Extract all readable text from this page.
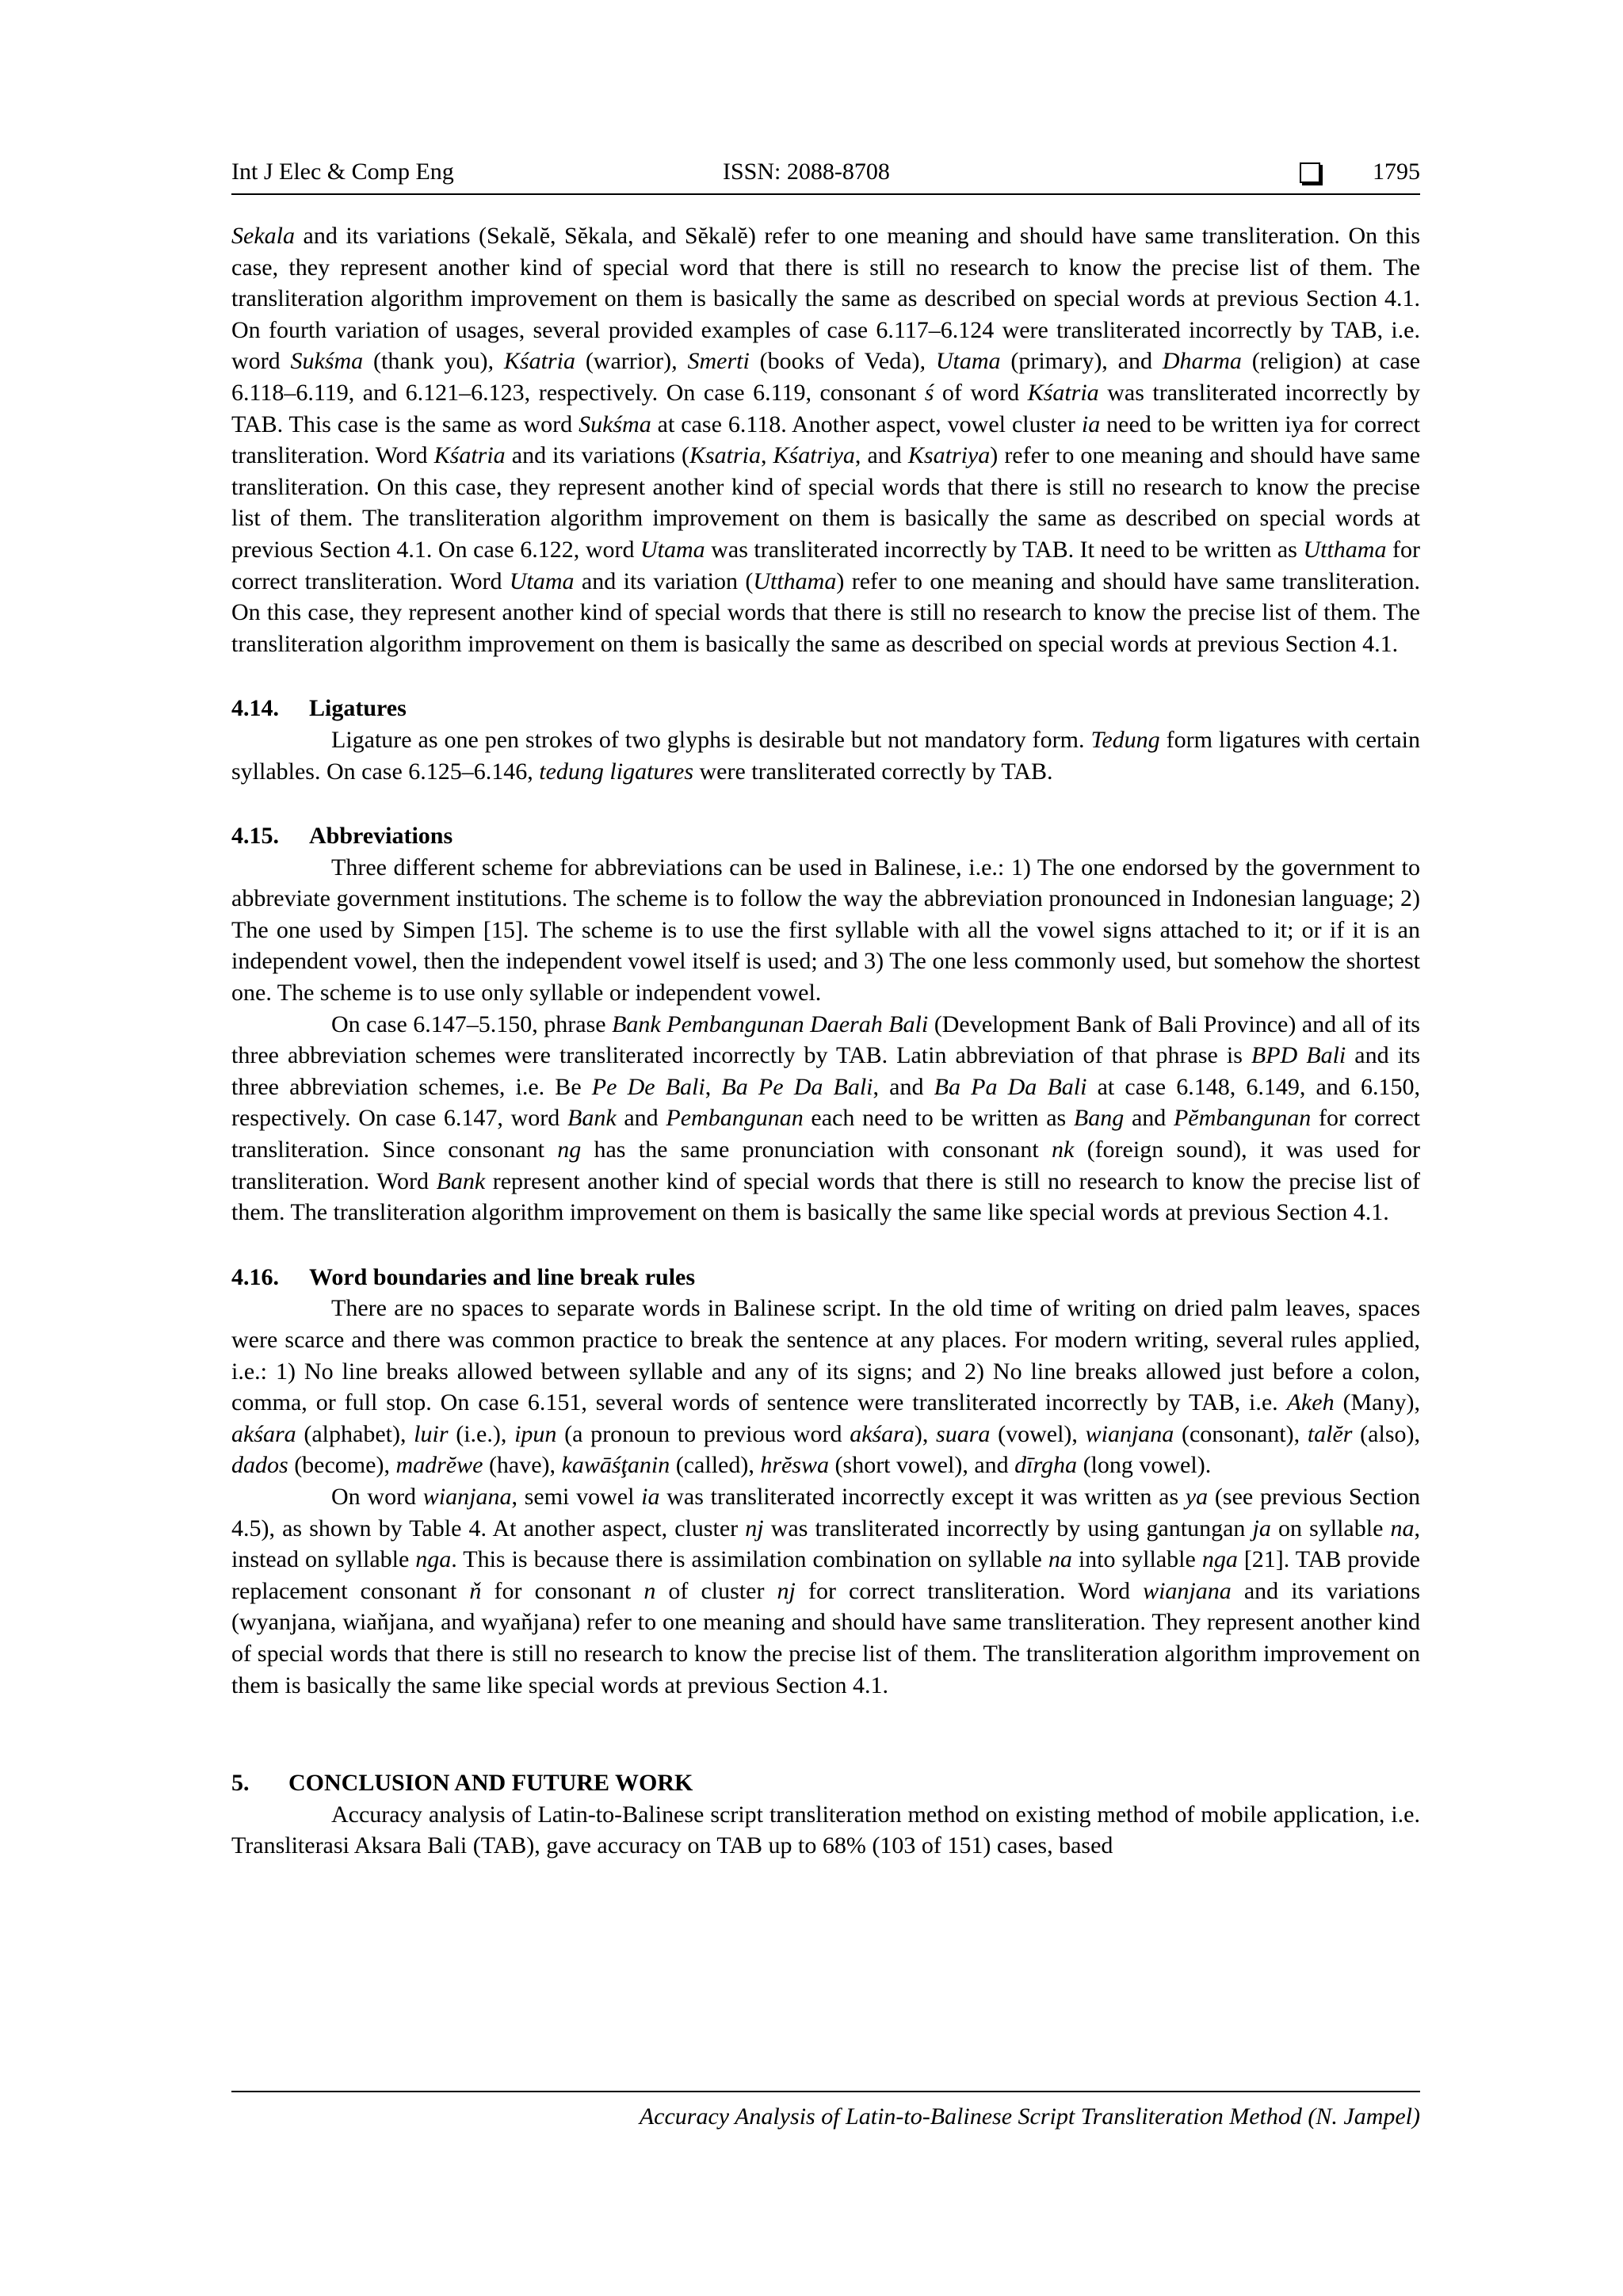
Int J Elec & Comp Eng	ISSN: 2088-8708	1795

Sekala and its variations (Sekalĕ, Sĕkala, and Sĕkalĕ) refer to one meaning and should have same transliteration. On this case, they represent another kind of special word that there is still no research to know the precise list of them. The transliteration algorithm improvement on them is basically the same as described on special words at previous Section 4.1. On fourth variation of usages, several provided examples of case 6.117–6.124 were transliterated incorrectly by TAB, i.e. word Sukśma (thank you), Kśatria (warrior), Smerti (books of Veda), Utama (primary), and Dharma (religion) at case 6.118–6.119, and 6.121–6.123, respectively. On case 6.119, consonant ś of word Kśatria was transliterated incorrectly by TAB. This case is the same as word Sukśma at case 6.118. Another aspect, vowel cluster ia need to be written iya for correct transliteration. Word Kśatria and its variations (Ksatria, Kśatriya, and Ksatriya) refer to one meaning and should have same transliteration. On this case, they represent another kind of special words that there is still no research to know the precise list of them. The transliteration algorithm improvement on them is basically the same as described on special words at previous Section 4.1. On case 6.122, word Utama was transliterated incorrectly by TAB. It need to be written as Utthama for correct transliteration. Word Utama and its variation (Utthama) refer to one meaning and should have same transliteration. On this case, they represent another kind of special words that there is still no research to know the precise list of them. The transliteration algorithm improvement on them is basically the same as described on special words at previous Section 4.1.

4.14. Ligatures

Ligature as one pen strokes of two glyphs is desirable but not mandatory form. Tedung form ligatures with certain syllables. On case 6.125–6.146, tedung ligatures were transliterated correctly by TAB.

4.15. Abbreviations

Three different scheme for abbreviations can be used in Balinese, i.e.: 1) The one endorsed by the government to abbreviate government institutions. The scheme is to follow the way the abbreviation pronounced in Indonesian language; 2) The one used by Simpen [15]. The scheme is to use the first syllable with all the vowel signs attached to it; or if it is an independent vowel, then the independent vowel itself is used; and 3) The one less commonly used, but somehow the shortest one. The scheme is to use only syllable or independent vowel.

On case 6.147–5.150, phrase Bank Pembangunan Daerah Bali (Development Bank of Bali Province) and all of its three abbreviation schemes were transliterated incorrectly by TAB. Latin abbreviation of that phrase is BPD Bali and its three abbreviation schemes, i.e. Be Pe De Bali, Ba Pe Da Bali, and Ba Pa Da Bali at case 6.148, 6.149, and 6.150, respectively. On case 6.147, word Bank and Pembangunan each need to be written as Bang and Pĕmbangunan for correct transliteration. Since consonant ng has the same pronunciation with consonant nk (foreign sound), it was used for transliteration. Word Bank represent another kind of special words that there is still no research to know the precise list of them. The transliteration algorithm improvement on them is basically the same like special words at previous Section 4.1.

4.16. Word boundaries and line break rules

There are no spaces to separate words in Balinese script. In the old time of writing on dried palm leaves, spaces were scarce and there was common practice to break the sentence at any places. For modern writing, several rules applied, i.e.: 1) No line breaks allowed between syllable and any of its signs; and 2) No line breaks allowed just before a colon, comma, or full stop. On case 6.151, several words of sentence were transliterated incorrectly by TAB, i.e. Akeh (Many), akśara (alphabet), luir (i.e.), ipun (a pronoun to previous word akśara), suara (vowel), wianjana (consonant), talĕr (also), dados (become), madrĕwe (have), kawāśţanin (called), hrĕswa (short vowel), and dīrgha (long vowel).

On word wianjana, semi vowel ia was transliterated incorrectly except it was written as ya (see previous Section 4.5), as shown by Table 4. At another aspect, cluster nj was transliterated incorrectly by using gantungan ja on syllable na, instead on syllable nga. This is because there is assimilation combination on syllable na into syllable nga [21]. TAB provide replacement consonant ň for consonant n of cluster nj for correct transliteration. Word wianjana and its variations (wyanjana, wiaňjana, and wyaňjana) refer to one meaning and should have same transliteration. They represent another kind of special words that there is still no research to know the precise list of them. The transliteration algorithm improvement on them is basically the same like special words at previous Section 4.1.

5. CONCLUSION AND FUTURE WORK

Accuracy analysis of Latin-to-Balinese script transliteration method on existing method of mobile application, i.e. Transliterasi Aksara Bali (TAB), gave accuracy on TAB up to 68% (103 of 151) cases, based

Accuracy Analysis of Latin-to-Balinese Script Transliteration Method (N. Jampel)
